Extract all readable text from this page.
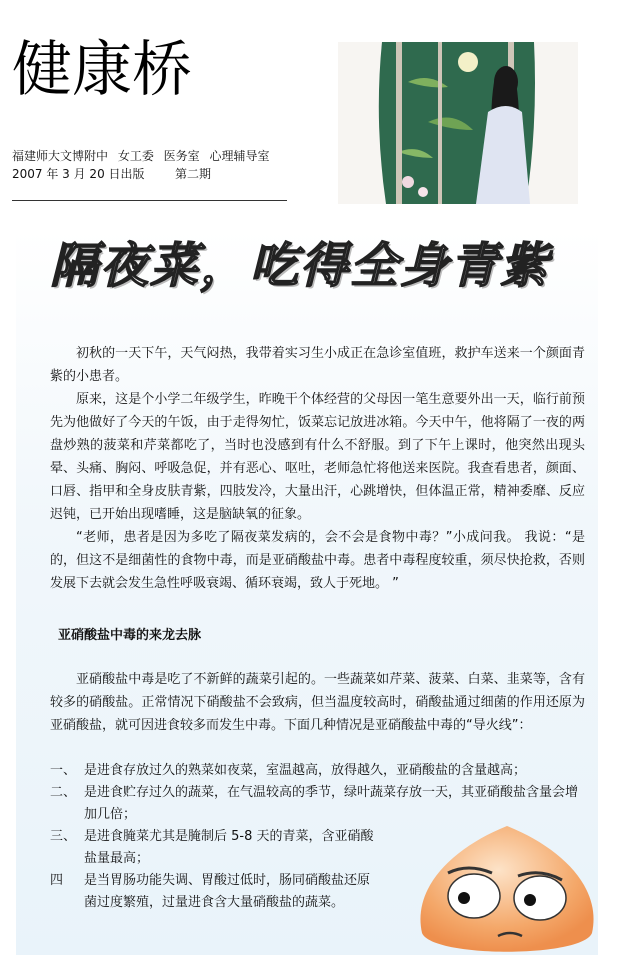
健康桥
福建师大文博附中 女工委 医务室 心理辅导室
2007 年 3 月 20 日出版        第二期
隔夜菜，吃得全身青紫

初秋的一天下午，天气闷热，我带着实习生小成正在急诊室值班，救护车送来一个颜面青紫的小患者。

原来，这是个小学二年级学生，昨晚干个体经营的父母因一笔生意要外出一天，临行前预先为他做好了今天的午饭，由于走得匆忙，饭菜忘记放进冰箱。今天中午，他将隔了一夜的两盘炒熟的菠菜和芹菜都吃了，当时也没感到有什么不舒服。到了下午上课时，他突然出现头晕、头痛、胸闷、呼吸急促，并有恶心、呕吐，老师急忙将他送来医院。我查看患者，颜面、口唇、指甲和全身皮肤青紫，四肢发冷，大量出汗，心跳增快，但体温正常，精神委靡、反应迟钝，已开始出现嗜睡，这是脑缺氧的征象。

“老师，患者是因为多吃了隔夜菜发病的，会不会是食物中毒？”小成问我。 我说：“是的，但这不是细菌性的食物中毒，而是亚硝酸盐中毒。患者中毒程度较重，须尽快抢救，否则发展下去就会发生急性呼吸衰竭、循环衰竭，致人于死地。 ”

亚硝酸盐中毒的来龙去脉

亚硝酸盐中毒是吃了不新鲜的蔬菜引起的。一些蔬菜如芹菜、菠菜、白菜、韭菜等，含有较多的硝酸盐。正常情况下硝酸盐不会致病，但当温度较高时，硝酸盐通过细菌的作用还原为亚硝酸盐，就可因进食较多而发生中毒。下面几种情况是亚硝酸盐中毒的“导火线”：

一、 是进食存放过久的熟菜如夜菜，室温越高，放得越久，亚硝酸盐的含量越高；
二、 是进食贮存过久的蔬菜，在气温较高的季节，绿叶蔬菜存放一天，其亚硝酸盐含量会增加几倍；
三、 是进食腌菜尤其是腌制后 5-8 天的青菜，含亚硝酸盐量最高；
四	是当胃肠功能失调、胃酸过低时，肠同硝酸盐还原菌过度繁殖，过量进食含大量硝酸盐的蔬菜。
